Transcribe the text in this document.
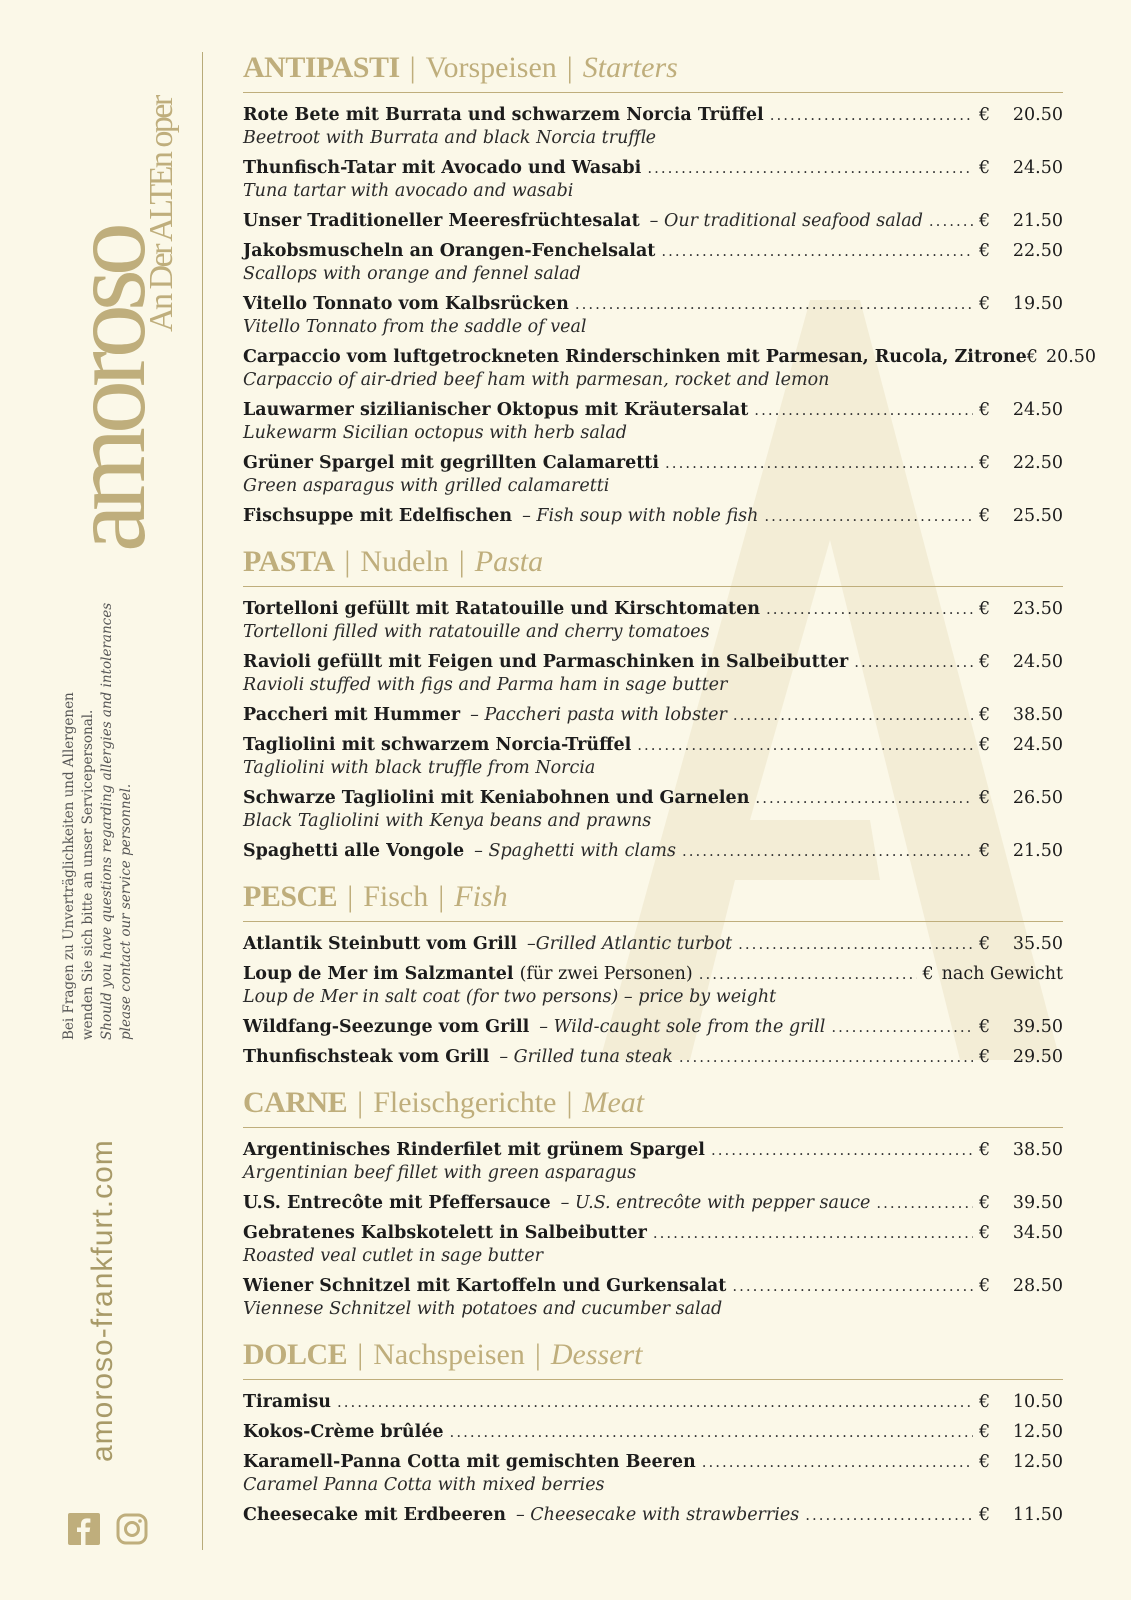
amoroso
An Der ALTEn oper
Bei Fragen zu Unverträglichkeiten und Allergenen wenden Sie sich bitte an unser Servicepersonal. Should you have questions regarding allergies and intolerances please contact our service personnel.
amoroso-frankfurt.com
ANTIPASTI | Vorspeisen | Starters
Rote Bete mit Burrata und schwarzem Norcia Trüffel .....	€ 20.50
Beetroot with Burrata and black Norcia truffle
Thunfisch-Tatar mit Avocado und Wasabi .....	€ 24.50
Tuna tartar with avocado and wasabi
Unser Traditioneller Meeresfrüchtesalat – Our traditional seafood salad .....	€ 21.50
Jakobsmuscheln an Orangen-Fenchelsalat .....	€ 22.50
Scallops with orange and fennel salad
Vitello Tonnato vom Kalbsrücken .....	€ 19.50
Vitello Tonnato from the saddle of veal
Carpaccio vom luftgetrockneten Rinderschinken mit Parmesan, Rucola, Zitrone € 20.50
Carpaccio of air-dried beef ham with parmesan, rocket and lemon
Lauwarmer sizilianischer Oktopus mit Kräutersalat .....	€ 24.50
Lukewarm Sicilian octopus with herb salad
Grüner Spargel mit gegrillten Calamaretti .....	€ 22.50
Green asparagus with grilled calamaretti
Fischsuppe mit Edelfischen – Fish soup with noble fish .....	€ 25.50
PASTA | Nudeln | Pasta
Tortelloni gefüllt mit Ratatouille und Kirschtomaten .....	€ 23.50
Tortelloni filled with ratatouille and cherry tomatoes
Ravioli gefüllt mit Feigen und Parmaschinken in Salbeibutter .....	€ 24.50
Ravioli stuffed with figs and Parma ham in sage butter
Paccheri mit Hummer – Paccheri pasta with lobster .....	€ 38.50
Tagliolini mit schwarzem Norcia-Trüffel .....	€ 24.50
Tagliolini with black truffle from Norcia
Schwarze Tagliolini mit Keniabohnen und Garnelen .....	€ 26.50
Black Tagliolini with Kenya beans and prawns
Spaghetti alle Vongole – Spaghetti with clams .....	€ 21.50
PESCE | Fisch | Fish
Atlantik Steinbutt vom Grill –Grilled Atlantic turbot .....	€ 35.50
Loup de Mer im Salzmantel (für zwei Personen) .....	€ nach Gewicht
Loup de Mer in salt coat (for two persons) – price by weight
Wildfang-Seezunge vom Grill – Wild-caught sole from the grill .....	€ 39.50
Thunfischsteak vom Grill – Grilled tuna steak .....	€ 29.50
CARNE | Fleischgerichte | Meat
Argentinisches Rinderfilet mit grünem Spargel .....	€ 38.50
Argentinian beef fillet with green asparagus
U.S. Entrecôte mit Pfeffersauce – U.S. entrecôte with pepper sauce .....	€ 39.50
Gebratenes Kalbskotelett in Salbeibutter .....	€ 34.50
Roasted veal cutlet in sage butter
Wiener Schnitzel mit Kartoffeln und Gurkensalat .....	€ 28.50
Viennese Schnitzel with potatoes and cucumber salad
DOLCE | Nachspeisen | Dessert
Tiramisu .....	€ 10.50
Kokos-Crème brûlée .....	€ 12.50
Karamell-Panna Cotta mit gemischten Beeren .....	€ 12.50
Caramel Panna Cotta with mixed berries
Cheesecake mit Erdbeeren – Cheesecake with strawberries .....	€ 11.50
